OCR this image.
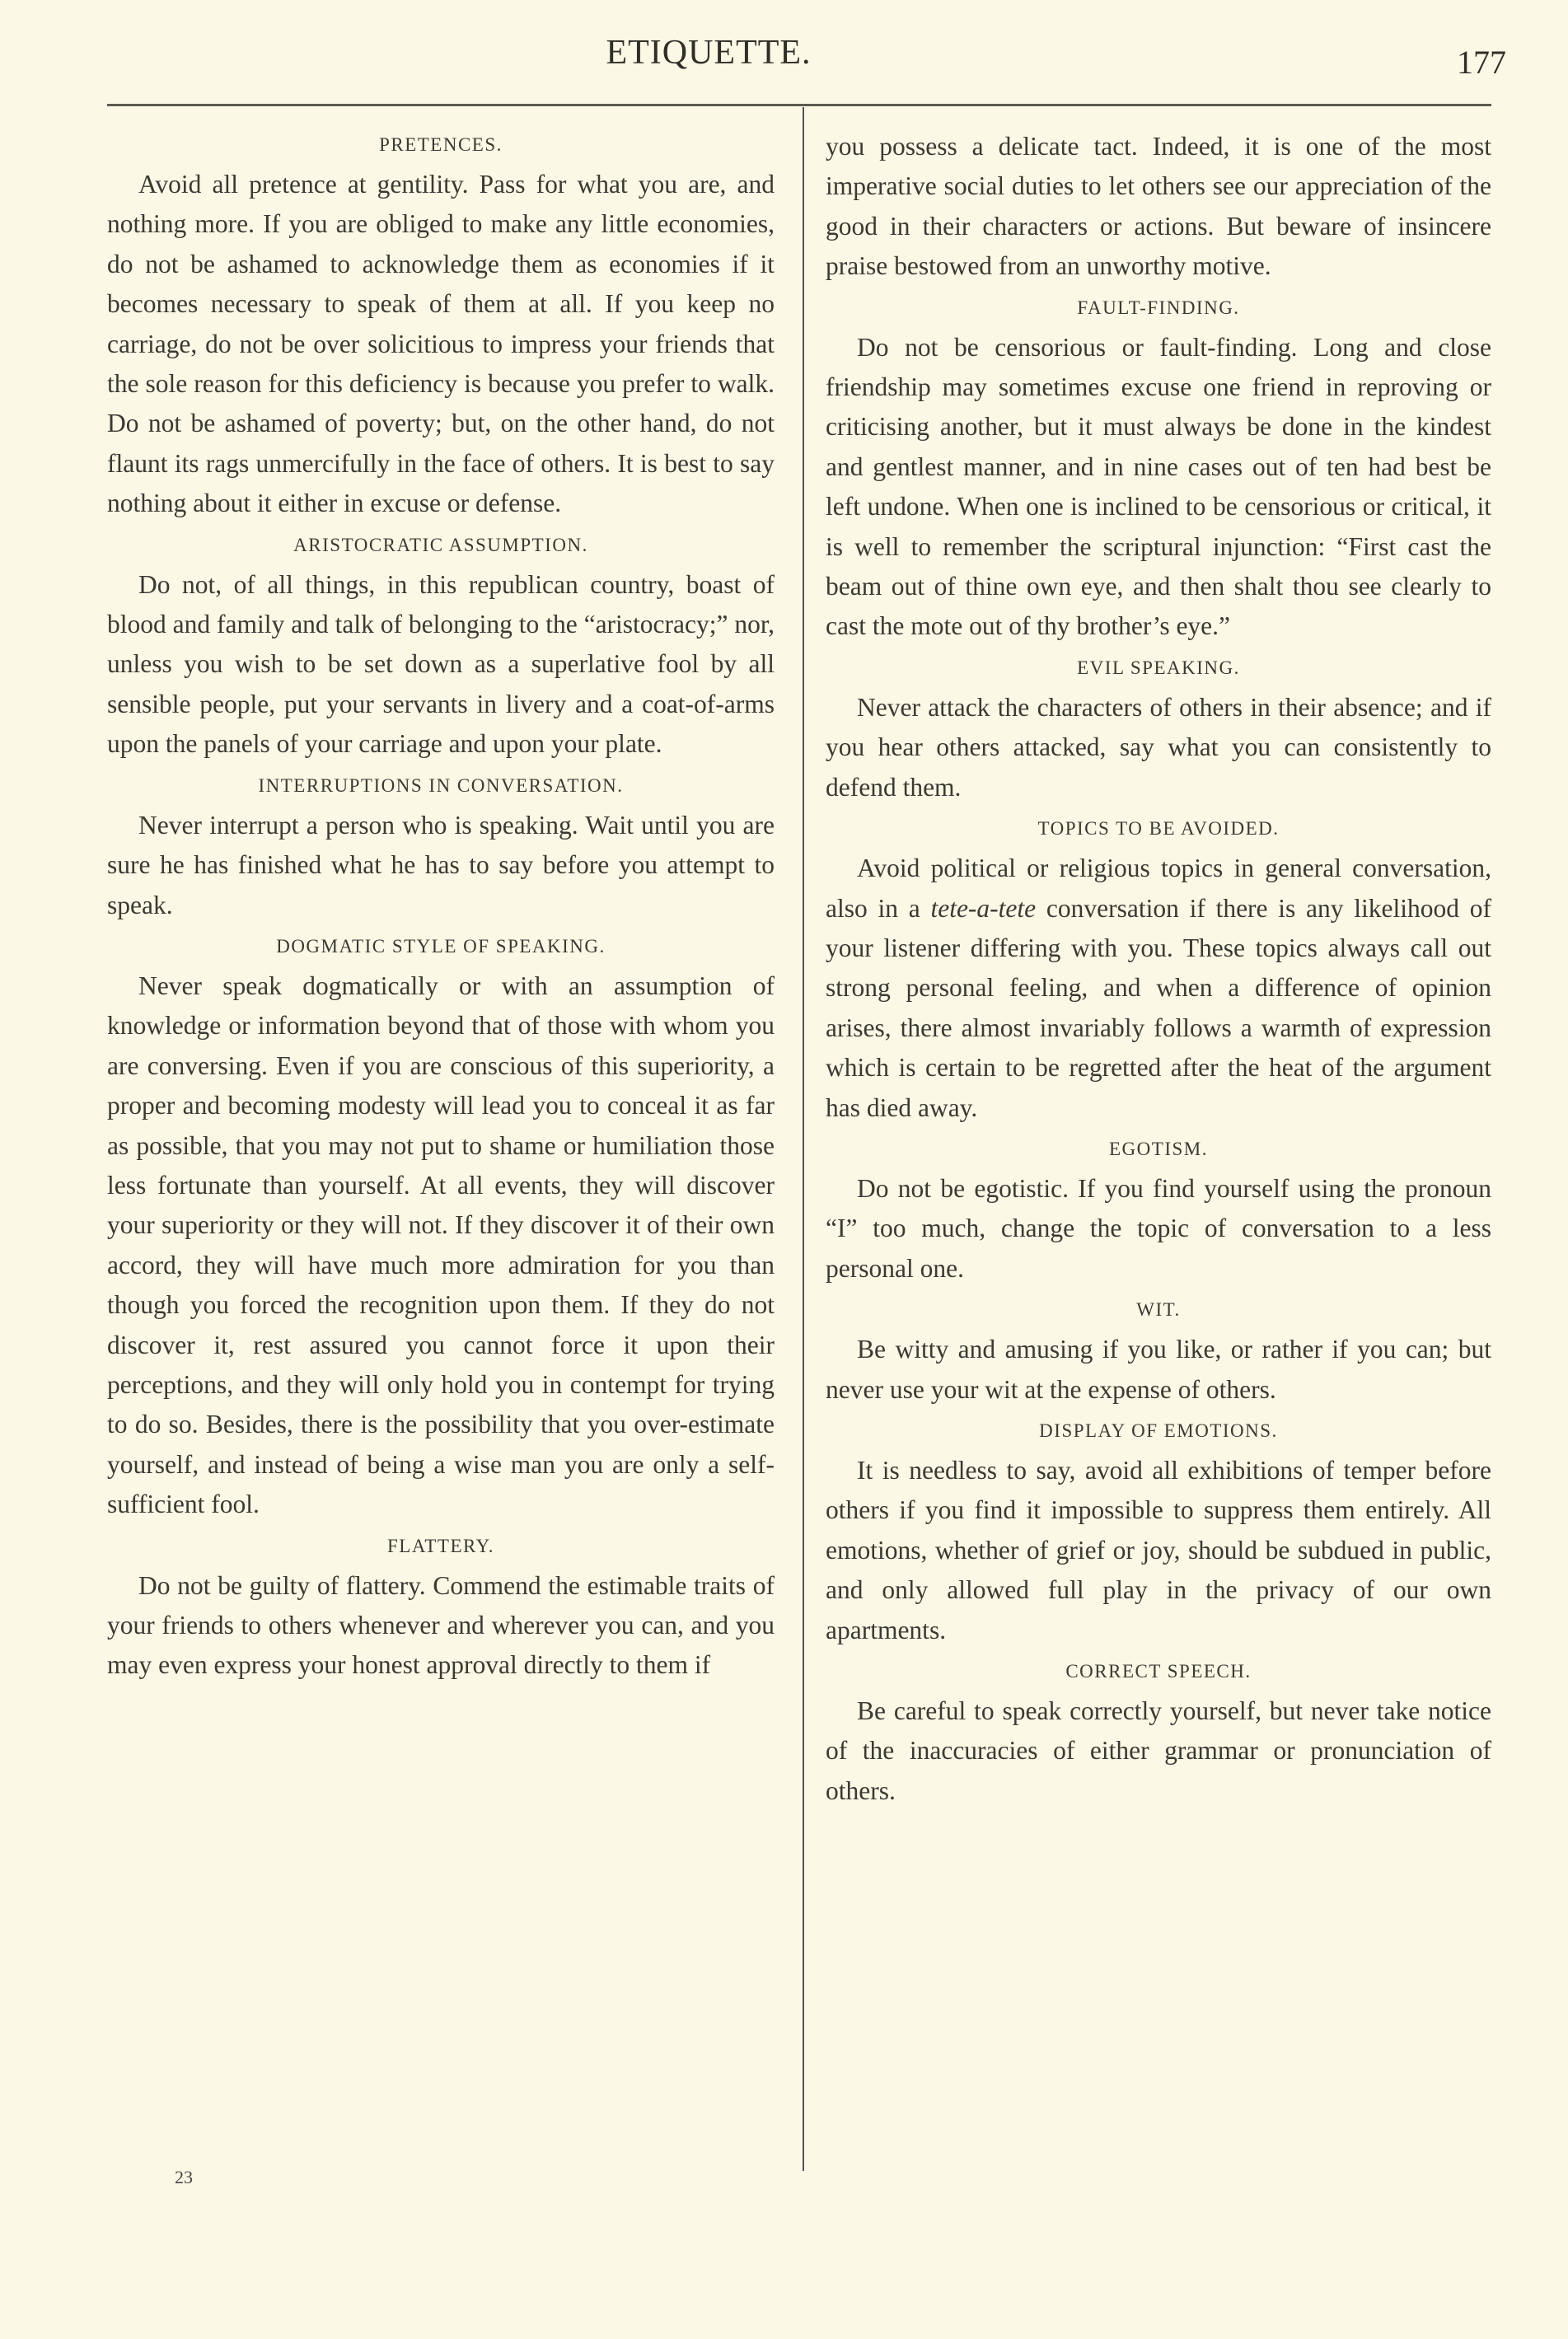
ETIQUETTE.	177
PRETENCES.

Avoid all pretence at gentility. Pass for what you are, and nothing more. If you are obliged to make any little economies, do not be ashamed to acknowledge them as economies if it becomes necessary to speak of them at all. If you keep no carriage, do not be over solicitious to impress your friends that the sole reason for this deficiency is because you prefer to walk. Do not be ashamed of poverty; but, on the other hand, do not flaunt its rags unmercifully in the face of others. It is best to say nothing about it either in excuse or defense.

ARISTOCRATIC ASSUMPTION.

Do not, of all things, in this republican country, boast of blood and family and talk of belonging to the “aristocracy;” nor, unless you wish to be set down as a superlative fool by all sensible people, put your servants in livery and a coat-of-arms upon the panels of your carriage and upon your plate.

INTERRUPTIONS IN CONVERSATION.

Never interrupt a person who is speaking. Wait until you are sure he has finished what he has to say before you attempt to speak.

DOGMATIC STYLE OF SPEAKING.

Never speak dogmatically or with an assumption of knowledge or information beyond that of those with whom you are conversing. Even if you are conscious of this superiority, a proper and becoming modesty will lead you to conceal it as far as possible, that you may not put to shame or humiliation those less fortunate than yourself. At all events, they will discover your superiority or they will not. If they discover it of their own accord, they will have much more admiration for you than though you forced the recognition upon them. If they do not discover it, rest assured you cannot force it upon their perceptions, and they will only hold you in contempt for trying to do so. Besides, there is the possibility that you over-estimate yourself, and instead of being a wise man you are only a self-sufficient fool.

FLATTERY.

Do not be guilty of flattery. Commend the estimable traits of your friends to others whenever and wherever you can, and you may even express your honest approval directly to them if

you possess a delicate tact. Indeed, it is one of the most imperative social duties to let others see our appreciation of the good in their characters or actions. But beware of insincere praise bestowed from an unworthy motive.

FAULT-FINDING.

Do not be censorious or fault-finding. Long and close friendship may sometimes excuse one friend in reproving or criticising another, but it must always be done in the kindest and gentlest manner, and in nine cases out of ten had best be left undone. When one is inclined to be censorious or critical, it is well to remember the scriptural injunction: “First cast the beam out of thine own eye, and then shalt thou see clearly to cast the mote out of thy brother’s eye.”

EVIL SPEAKING.

Never attack the characters of others in their absence; and if you hear others attacked, say what you can consistently to defend them.

TOPICS TO BE AVOIDED.

Avoid political or religious topics in general conversation, also in a tete-a-tete conversation if there is any likelihood of your listener differing with you. These topics always call out strong personal feeling, and when a difference of opinion arises, there almost invariably follows a warmth of expression which is certain to be regretted after the heat of the argument has died away.

EGOTISM.

Do not be egotistic. If you find yourself using the pronoun “I” too much, change the topic of conversation to a less personal one.

WIT.

Be witty and amusing if you like, or rather if you can; but never use your wit at the expense of others.

DISPLAY OF EMOTIONS.

It is needless to say, avoid all exhibitions of temper before others if you find it impossible to suppress them entirely. All emotions, whether of grief or joy, should be subdued in public, and only allowed full play in the privacy of our own apartments.

CORRECT SPEECH.

Be careful to speak correctly yourself, but never take notice of the inaccuracies of either grammar or pronunciation of others.

23
